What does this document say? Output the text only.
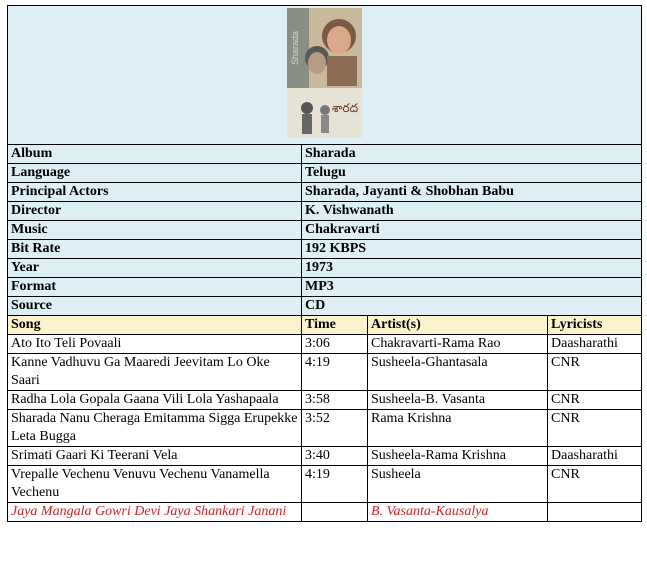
Sharada
శారద			

Album	Sharada		
Language	Telugu		
Principal Actors	Sharada, Jayanti & Shobhan Babu		
Director	K. Vishwanath		
Music	Chakravarti		
Bit Rate	192 KBPS		
Year	1973		
Format	MP3		
Source	CD		
Song	Time	Artist(s)	Lyricists
Ato Ito Teli Povaali	3:06	Chakravarti-Rama Rao	Daasharathi
Kanne Vadhuvu Ga Maaredi Jeevitam Lo Oke Saari	4:19	Susheela-Ghantasala	CNR
Radha Lola Gopala Gaana Vili Lola Yashapaala	3:58	Susheela-B. Vasanta	CNR
Sharada Nanu Cheraga Emitamma Sigga Erupekke Leta Bugga	3:52	Rama Krishna	CNR
Srimati Gaari Ki Teerani Vela	3:40	Susheela-Rama Krishna	Daasharathi
Vrepalle Vechenu Venuvu Vechenu Vanamella Vechenu	4:19	Susheela	CNR
Jaya Mangala Gowri Devi Jaya Shankari Janani		B. Vasanta-Kausalya	
